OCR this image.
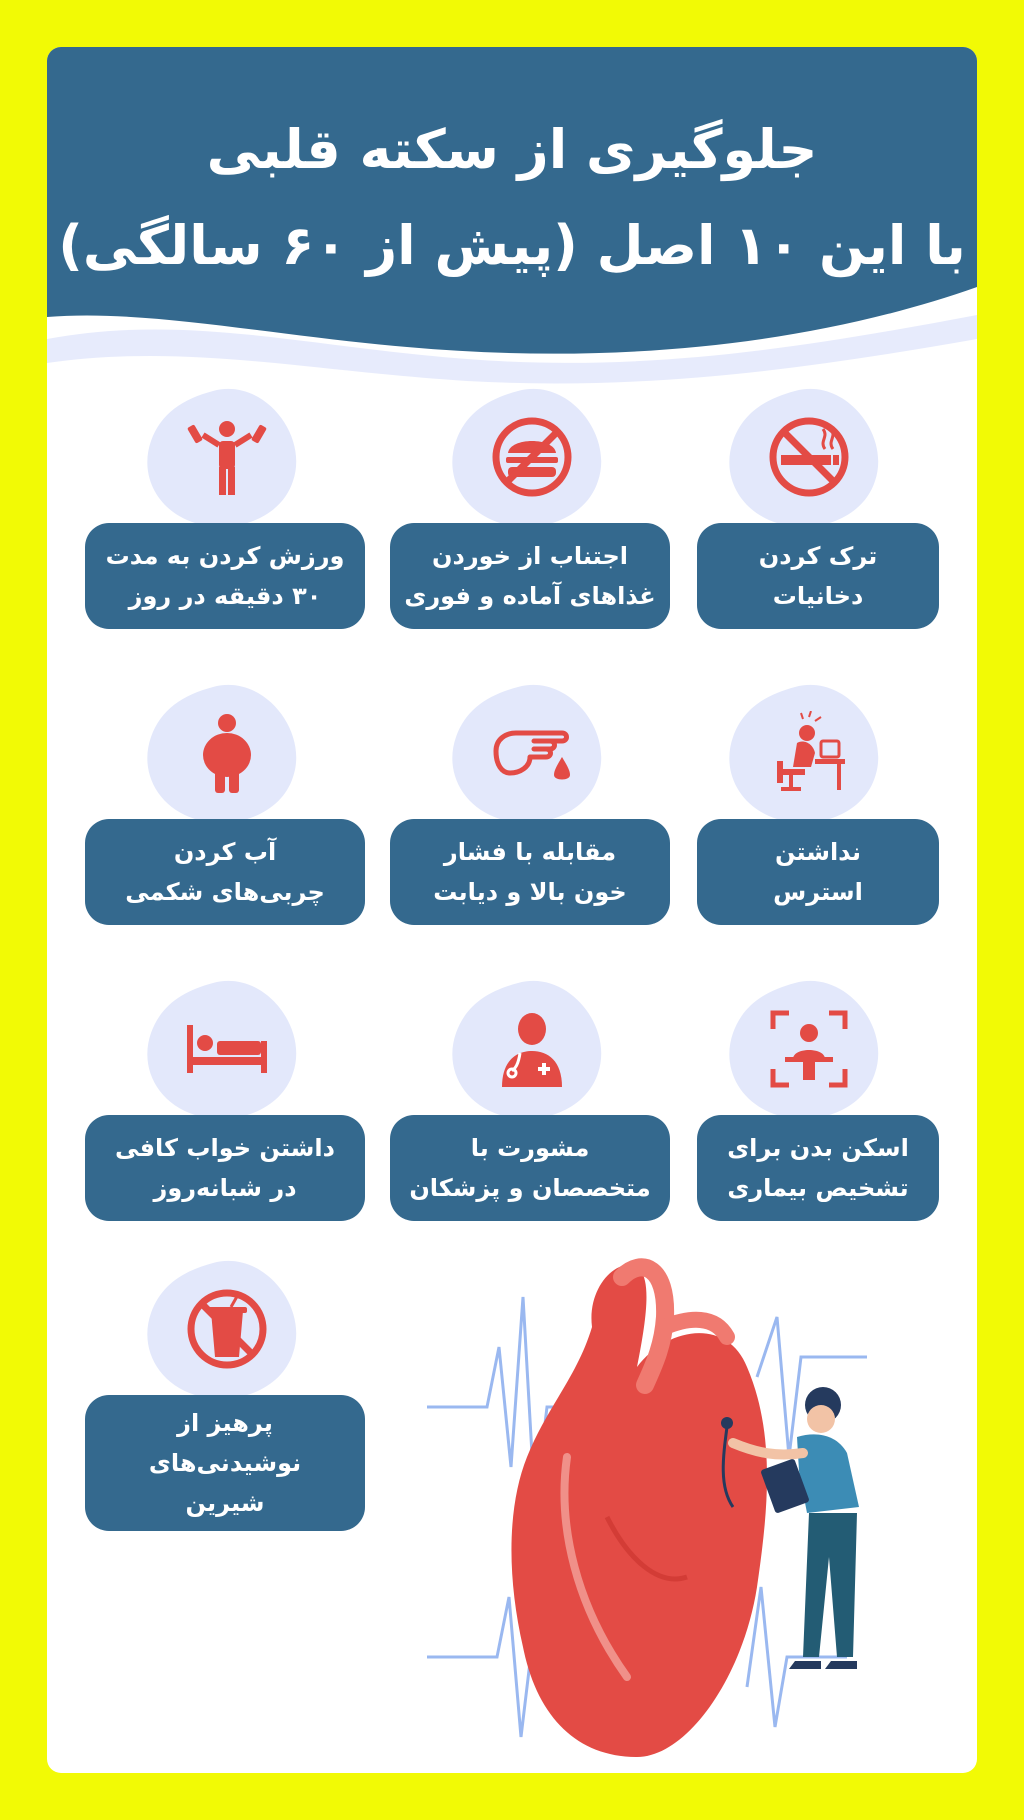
جلوگیری از سکته قلبی
با این ۱۰ اصل (پیش از ۶۰ سالگی)
ترک کردن
دخانیات
اجتناب از خوردن
غذاهای آماده و فوری
ورزش کردن به مدت
۳۰ دقیقه در روز
نداشتن
استرس
مقابله با فشار
خون بالا و دیابت
آب کردن
چربی‌های شکمی
اسکن بدن برای
تشخیص بیماری
مشورت با
متخصصان و پزشکان
داشتن خواب کافی
در شبانه‌روز
پرهیز از
نوشیدنی‌های
شیرین
